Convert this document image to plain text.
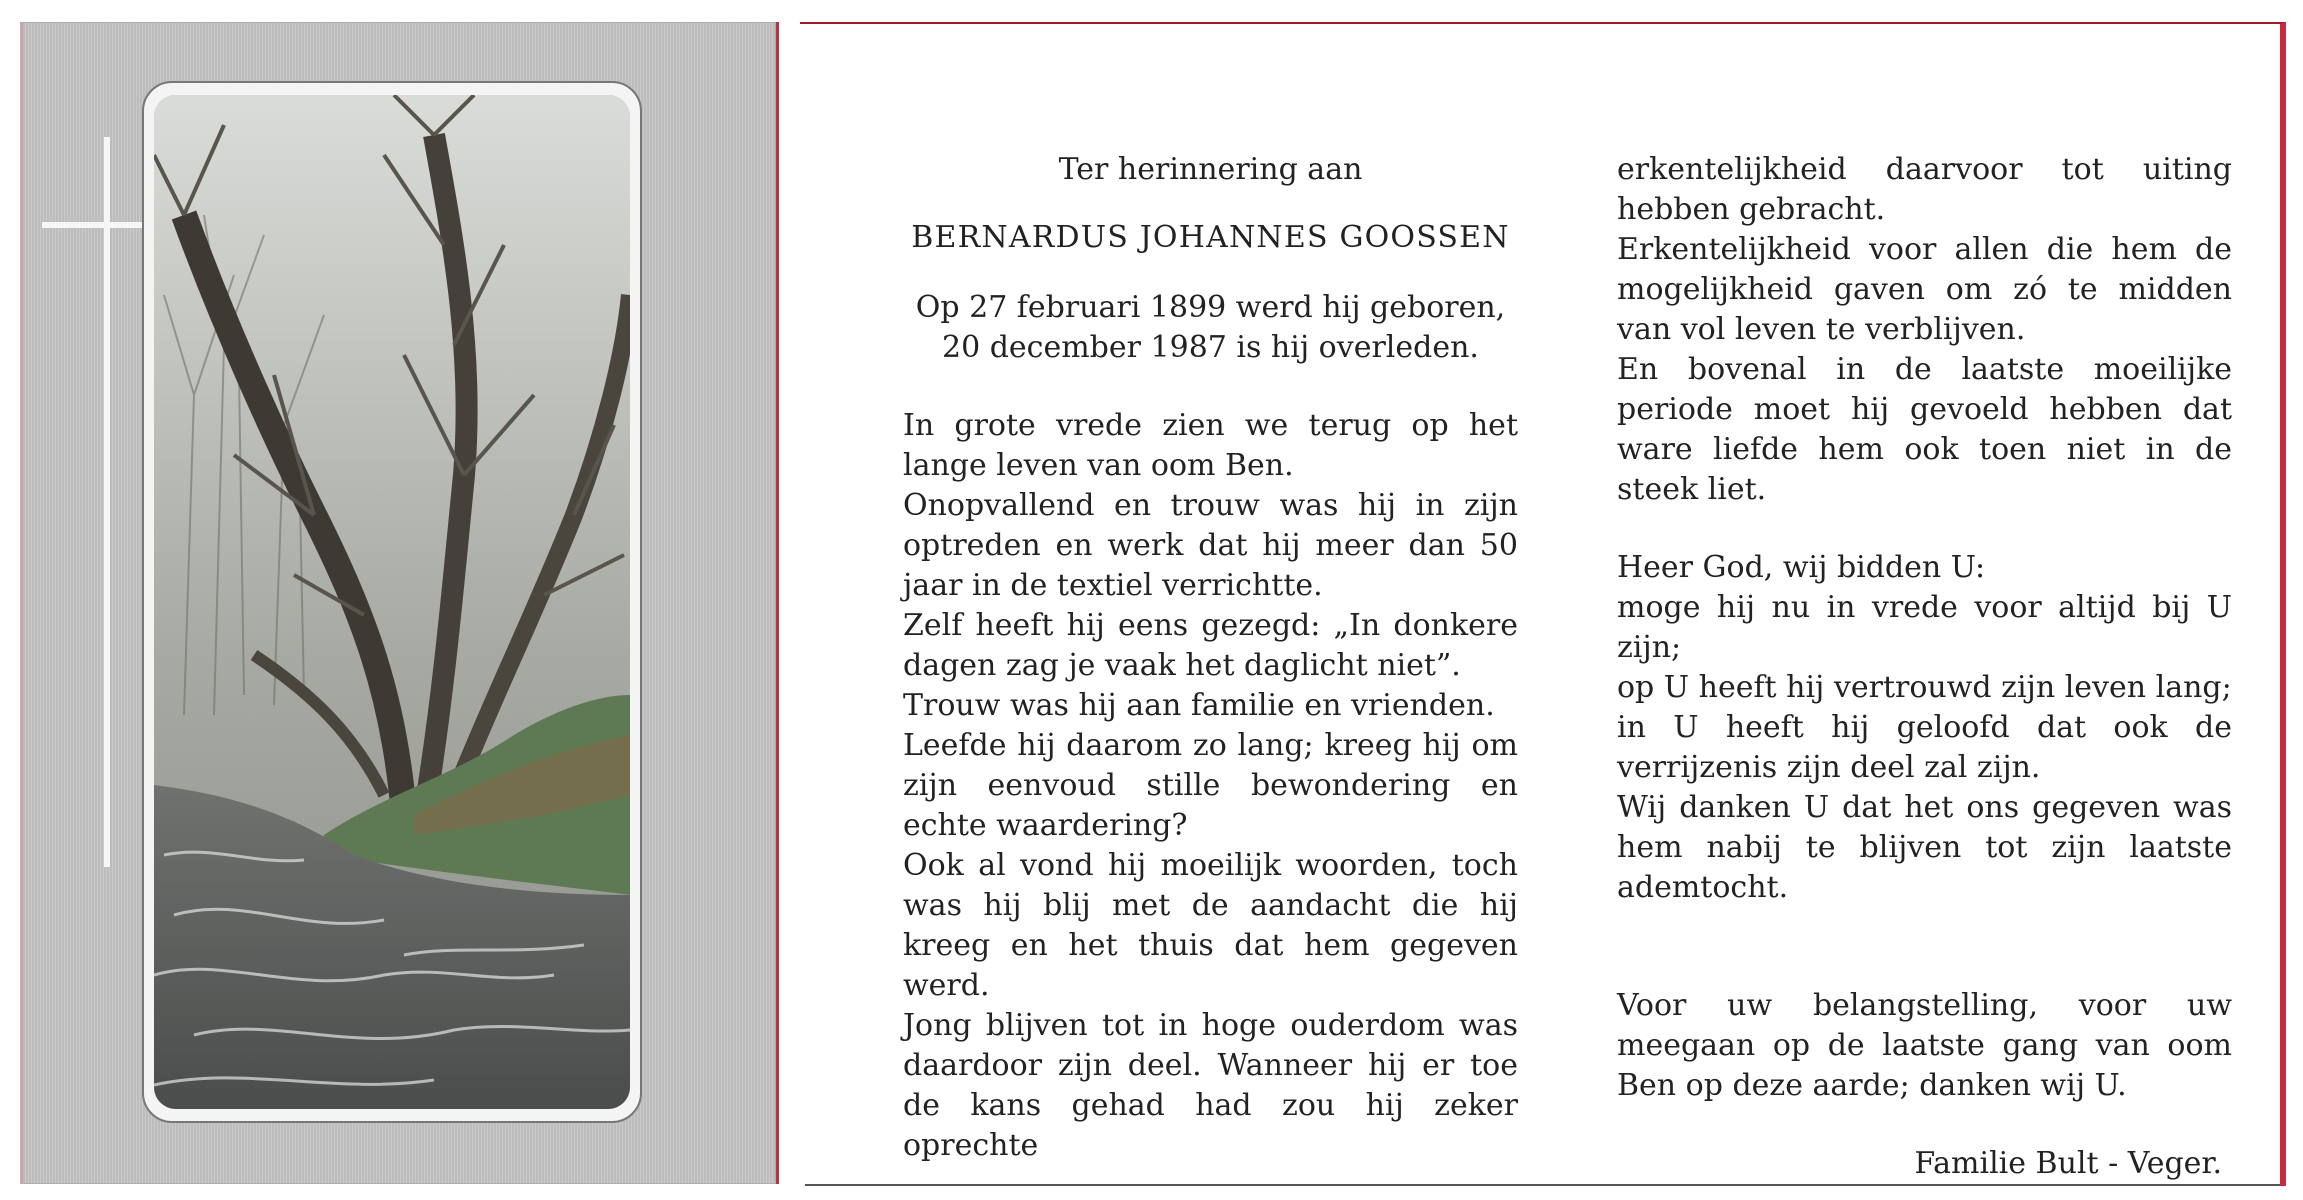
Ter herinnering aan
BERNARDUS JOHANNES GOOSSEN
Op 27 februari 1899 werd hij geboren,
20 december 1987 is hij overleden.

In grote vrede zien we terug op het lange leven van oom Ben.

Onopvallend en trouw was hij in zijn optreden en werk dat hij meer dan 50 jaar in de textiel verrichtte.

Zelf heeft hij eens gezegd: „In donkere dagen zag je vaak het daglicht niet”.

Trouw was hij aan familie en vrienden.

Leefde hij daarom zo lang; kreeg hij om zijn eenvoud stille bewondering en echte waardering?

Ook al vond hij moeilijk woorden, toch was hij blij met de aandacht die hij kreeg en het thuis dat hem gegeven werd.

Jong blijven tot in hoge ouderdom was daardoor zijn deel. Wanneer hij er toe de kans gehad had zou hij zeker oprechte

erkentelijkheid daarvoor tot uiting hebben gebracht.

Erkentelijkheid voor allen die hem de mogelijkheid gaven om zó te midden van vol leven te verblijven.

En bovenal in de laatste moeilijke periode moet hij gevoeld hebben dat ware liefde hem ook toen niet in de steek liet.

Heer God, wij bidden U:

moge hij nu in vrede voor altijd bij U zijn;

op U heeft hij vertrouwd zijn leven lang;

in U heeft hij geloofd dat ook de verrijzenis zijn deel zal zijn.

Wij danken U dat het ons gegeven was hem nabij te blijven tot zijn laatste ademtocht.

Voor uw belangstelling, voor uw meegaan op de laatste gang van oom Ben op deze aarde; danken wij U.

Familie Bult - Veger.
